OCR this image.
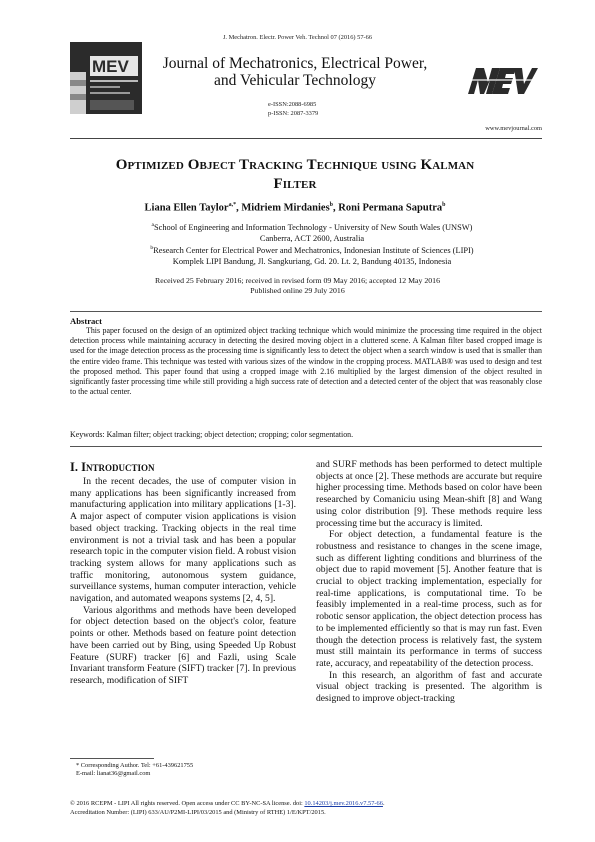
J. Mechatron. Electr. Power Veh. Technol 07 (2016) 57-66
MEV	Journal of Mechatronics, Electrical Power,
and Vehicular Technology
e-ISSN:2088-6985
p-ISSN: 2087-3379
www.mevjournal.com
Optimized Object Tracking Technique using Kalman
Filter
Liana Ellen Taylor$^{a,*}$, Midriem Mirdanies$^b$, Roni Permana Saputra$^b$
$^a$School of Engineering and Information Technology - University of New South Wales (UNSW)
Canberra, ACT 2600, Australia
$^b$Research Center for Electrical Power and Mechatronics, Indonesian Institute of Sciences (LIPI)
Komplek LIPI Bandung, Jl. Sangkuriang, Gd. 20. Lt. 2, Bandung 40135, Indonesia
Received 25 February 2016; received in revised form 09 May 2016; accepted 12 May 2016
Published online 29 July 2016
Abstract
This paper focused on the design of an optimized object tracking technique which would minimize the processing time required in the object detection process while maintaining accuracy in detecting the desired moving object in a cluttered scene. A Kalman filter based cropped image is used for the image detection process as the processing time is significantly less to detect the object when a search window is used that is smaller than the entire video frame. This technique was tested with various sizes of the window in the cropping process. MATLAB® was used to design and test the proposed method. This paper found that using a cropped image with 2.16 multiplied by the largest dimension of the object resulted in significantly faster processing time while still providing a high success rate of detection and a detected center of the object that was reasonably close to the actual center.
Keywords: Kalman filter; object tracking; object detection; cropping; color segmentation.
I. Introduction

In the recent decades, the use of computer vision in many applications has been significantly increased from manufacturing application into military applications [1-3]. A major aspect of computer vision applications is vision based object tracking. Tracking objects in the real time environment is not a trivial task and has been a popular research topic in the computer vision field. A robust vision tracking system allows for many applications such as traffic monitoring, autonomous system guidance, surveillance systems, human computer interaction, vehicle navigation, and automated weapons systems [2, 4, 5].

Various algorithms and methods have been developed for object detection based on the object's color, feature points or other. Methods based on feature point detection have been carried out by Bing, using Speeded Up Robust Feature (SURF) tracker [6] and Fazli, using Scale Invariant transform Feature (SIFT) tracker [7]. In previous research, modification of SIFT

and SURF methods has been performed to detect multiple objects at once [2]. These methods are accurate but require higher processing time. Methods based on color have been researched by Comaniciu using Mean-shift [8] and Wang using color distribution [9]. These methods require less processing time but the accuracy is limited.

For object detection, a fundamental feature is the robustness and resistance to changes in the scene image, such as different lighting conditions and blurriness of the object due to rapid movement [5]. Another feature that is crucial to object tracking implementation, especially for real-time applications, is computational time. To be feasibly implemented in a real-time process, such as for robotic sensor application, the object detection process has to be implemented efficiently so that is may run fast. Even though the detection process is relatively fast, the system must still maintain its performance in terms of success rate, accuracy, and repeatability of the detection process.

In this research, an algorithm of fast and accurate visual object tracking is presented. The algorithm is designed to improve object-tracking

* Corresponding Author. Tel: +61-439621755
E-mail: lianat36@gmail.com
© 2016 RCEPM - LIPI All rights reserved. Open access under CC BY-NC-SA license. doi: 10.14203/j.mev.2016.v7.57-66.
Accreditation Number: (LIPI) 633/AU/P2MI-LIPI/03/2015 and (Ministry of RTHE) 1/E/KPT/2015.
